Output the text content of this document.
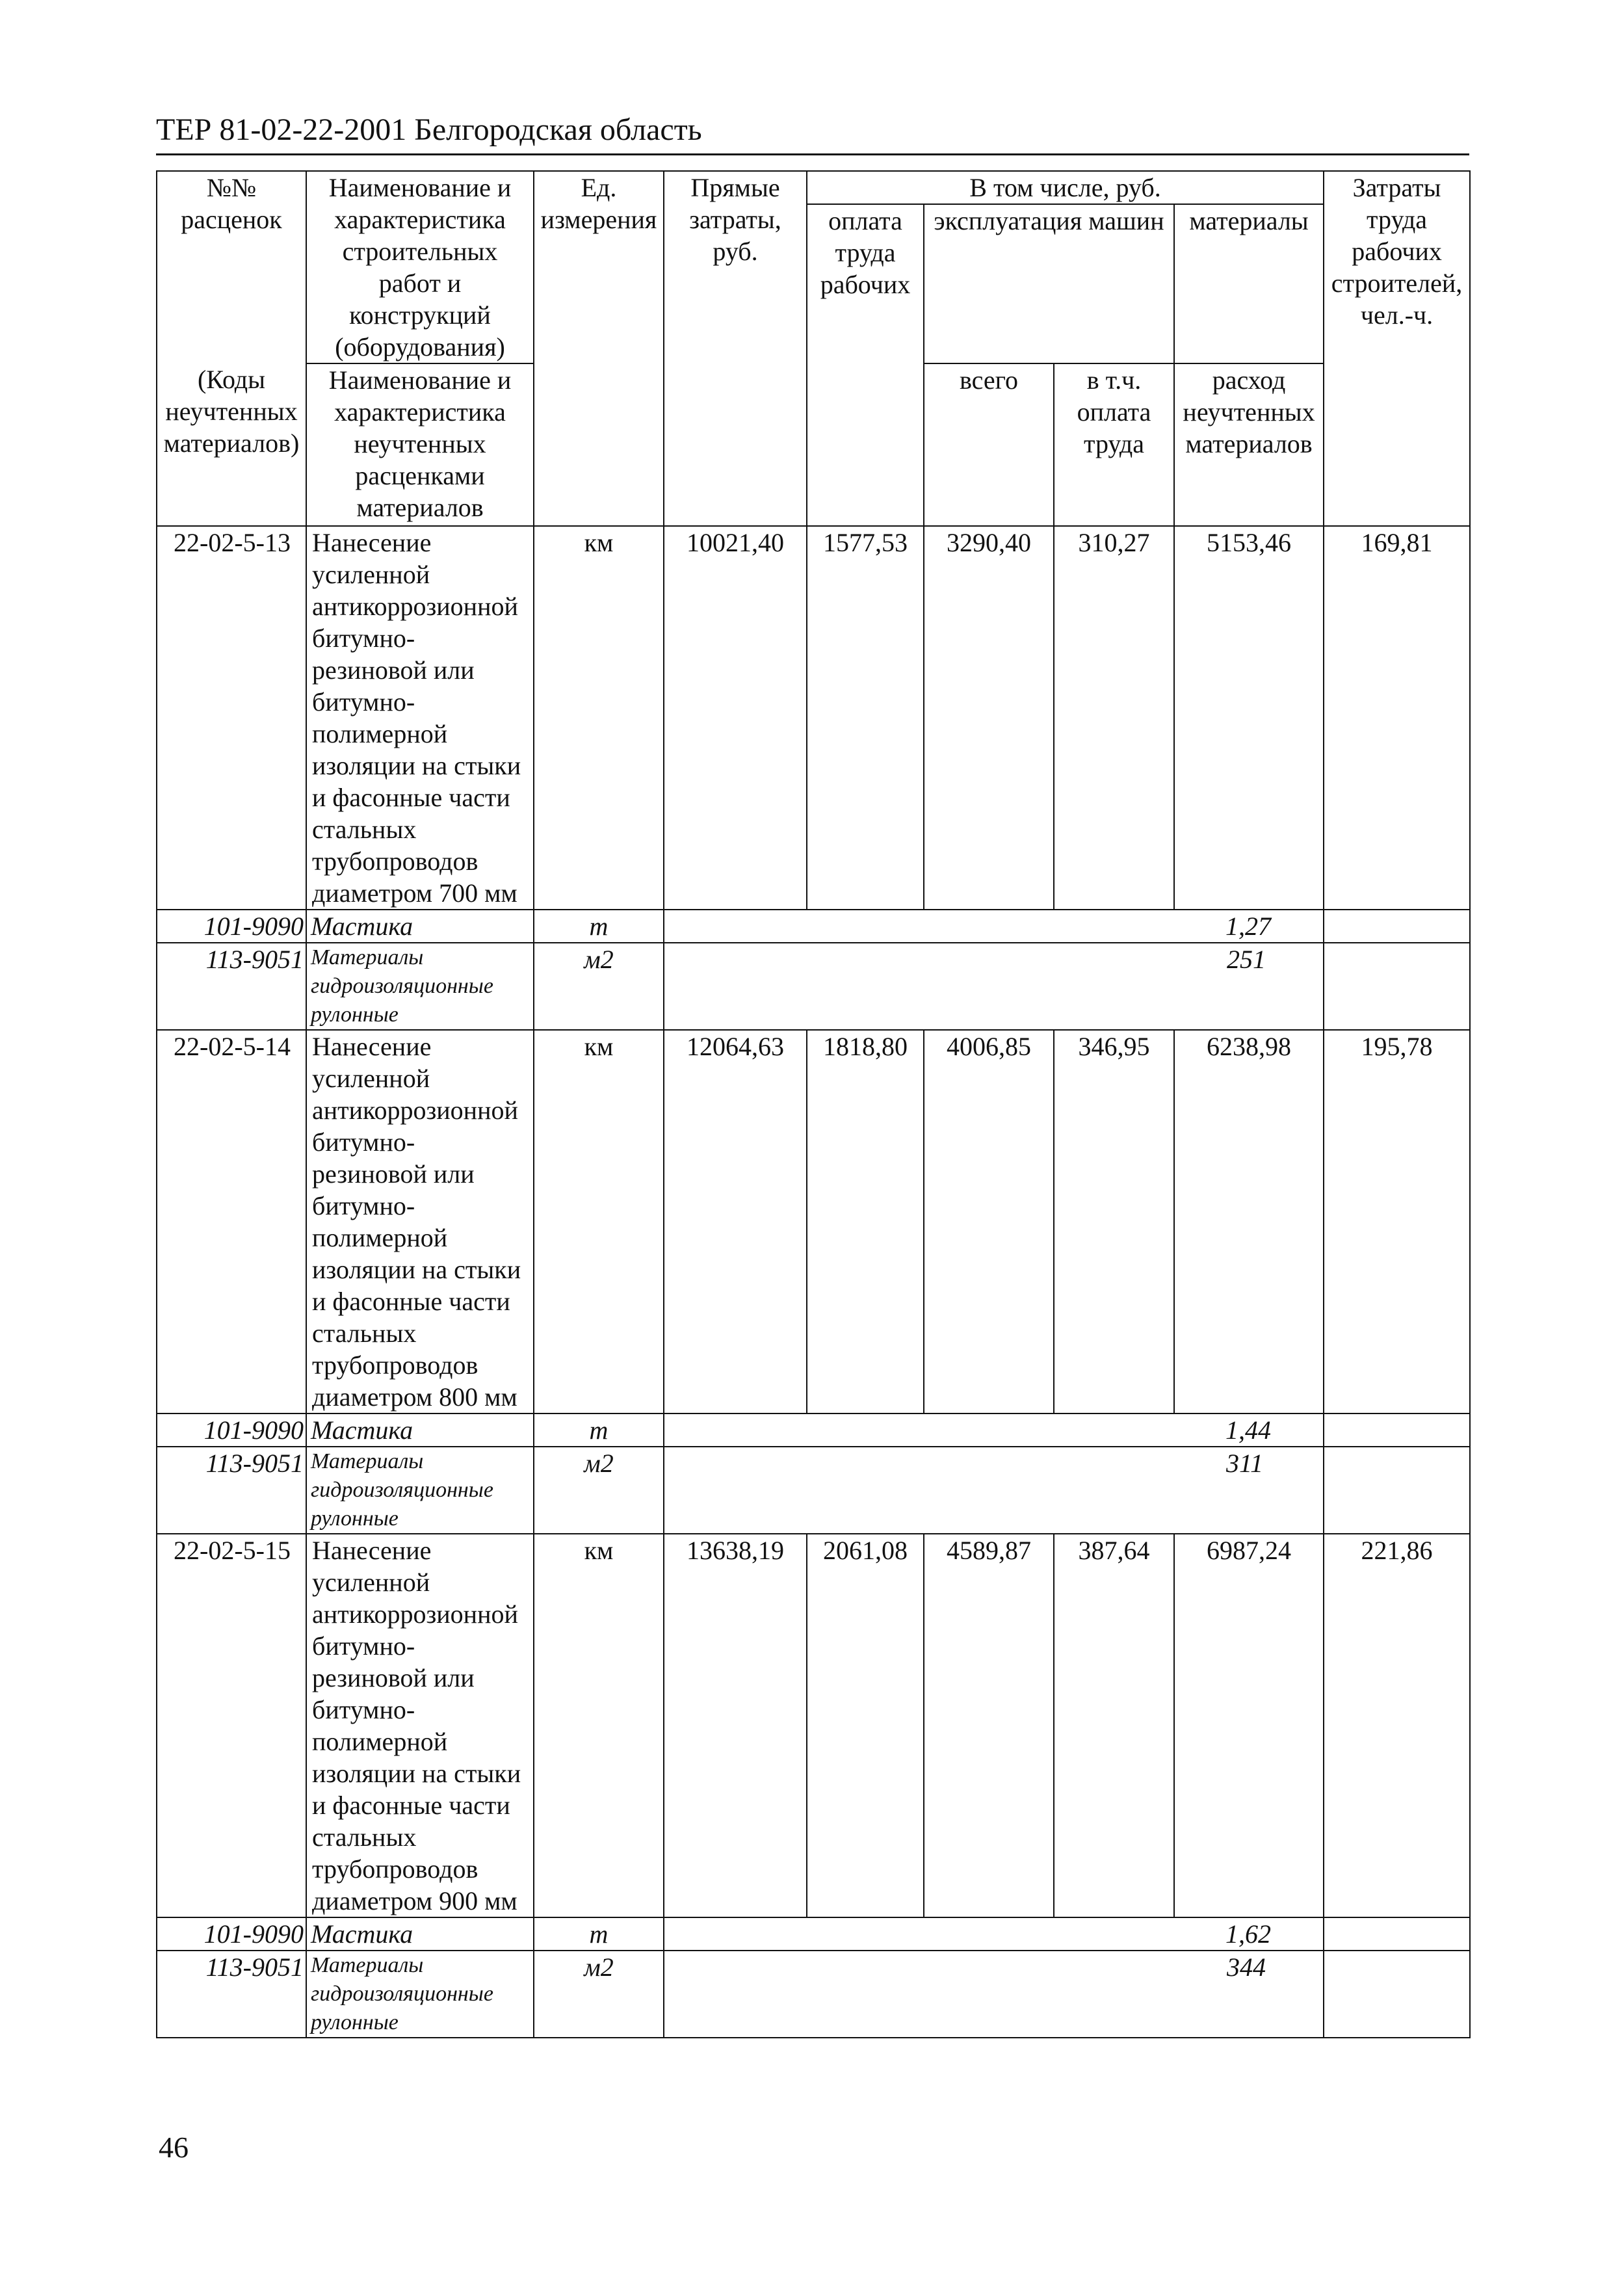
ТЕР 81-02-22-2001 Белгородская область
№№ расценок	Наименование и характеристика строительных работ и конструкций (оборудования)	Ед. измерения	Прямые затраты, руб.	В том числе, руб.				Затраты труда рабочих строителей, чел.-ч.
				оплата труда рабочих	эксплуатация машин		материалы	
(Коды неучтенных материалов)	Наименование и характеристика неучтенных расценками материалов				всего	в т.ч. оплата труда	расход неучтенных материалов	
22-02-5-13	Нанесение усиленной антикоррозионной битумно-резиновой или битумно-полимерной изоляции на стыки и фасонные части стальных трубопроводов диаметром 700 мм	км	10021,40	1577,53	3290,40	310,27	5153,46	169,81
101-9090	Мастика	т	1,27					
113-9051	Материалы гидроизоляционные рулонные	м2	251					
22-02-5-14	Нанесение усиленной антикоррозионной битумно-резиновой или битумно-полимерной изоляции на стыки и фасонные части стальных трубопроводов диаметром 800 мм	км	12064,63	1818,80	4006,85	346,95	6238,98	195,78
101-9090	Мастика	т	1,44					
113-9051	Материалы гидроизоляционные рулонные	м2	311					
22-02-5-15	Нанесение усиленной антикоррозионной битумно-резиновой или битумно-полимерной изоляции на стыки и фасонные части стальных трубопроводов диаметром 900 мм	км	13638,19	2061,08	4589,87	387,64	6987,24	221,86
101-9090	Мастика	т	1,62					
113-9051	Материалы гидроизоляционные рулонные	м2	344					
46
